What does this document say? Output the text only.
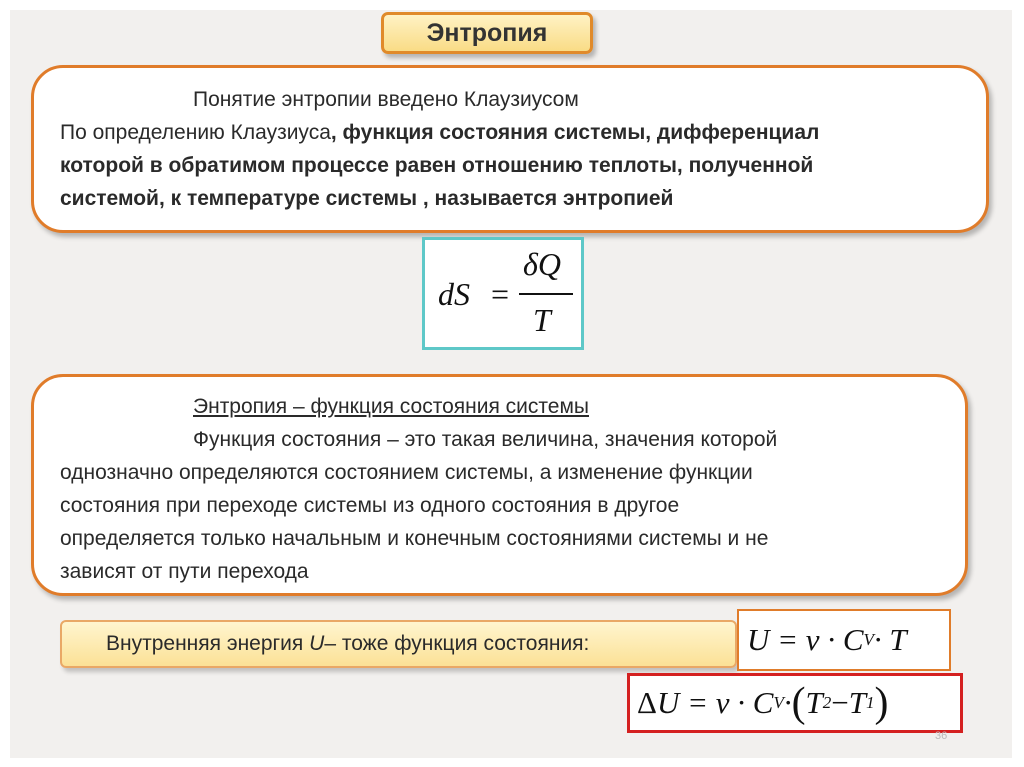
Энтропия
Понятие энтропии введено Клаузиусом
По определению Клаузиуса, функция состояния системы, дифференциал
которой в обратимом процессе равен отношению теплоты, полученной
системой, к температуре системы , называется энтропией
dS =
δQ
T
Энтропия – функция состояния системы
Функция состояния – это такая величина, значения которой
однозначно определяются состоянием системы, а изменение функции
состояния при переходе системы из одного состояния в другое
определяется только начальным и конечным состояниями системы и не
зависят от пути перехода
Внутренняя энергия
U – тоже функция состояния:	U = ν · C V · T
Δ U = ν · C V · ( T 2 − T 1 )
36
